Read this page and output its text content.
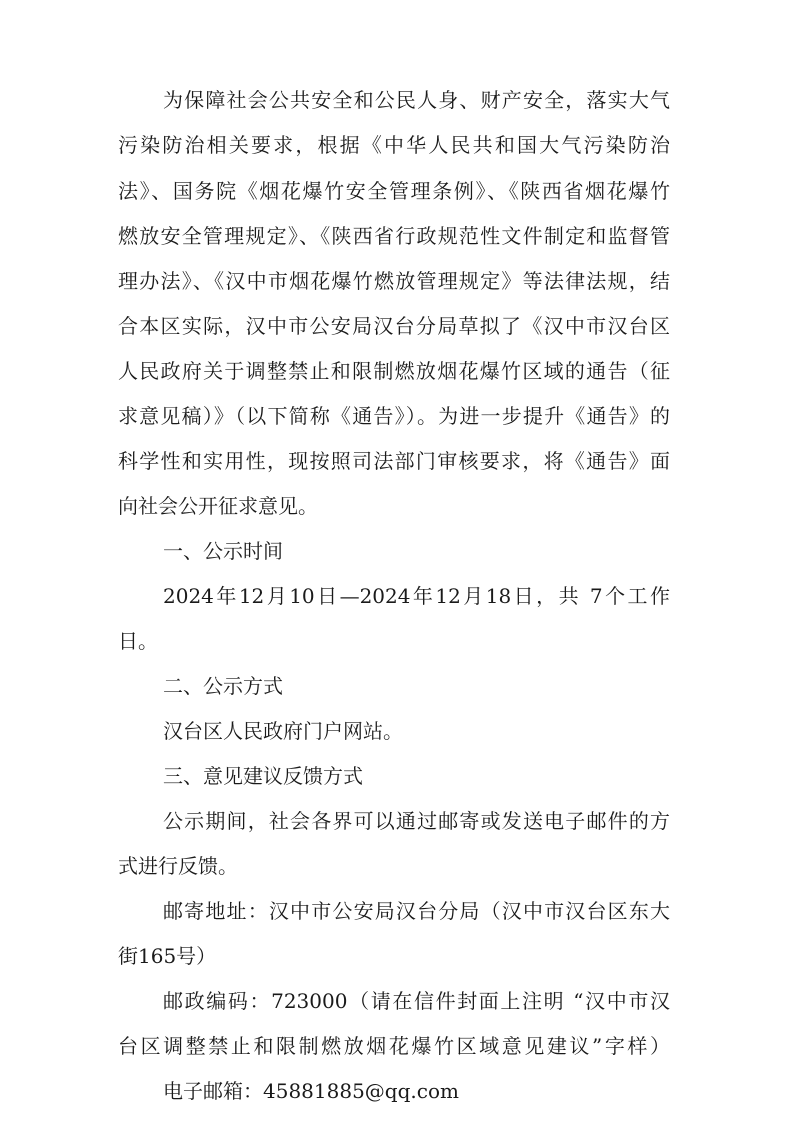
为保障社会公共安全和公民人身、财产安全，落实大气
污染防治相关要求，根据《中华人民共和国大气污染防治
法》、国务院《烟花爆竹安全管理条例》、《陕西省烟花爆竹
燃放安全管理规定》、《陕西省行政规范性文件制定和监督管
理办法》、《汉中市烟花爆竹燃放管理规定》等法律法规，结
合本区实际，汉中市公安局汉台分局草拟了《汉中市汉台区
人民政府关于调整禁止和限制燃放烟花爆竹区域的通告（征
求意见稿）》（以下简称《通告》）。为进一步提升《通告》的
科学性和实用性，现按照司法部门审核要求，将《通告》面
向社会公开征求意见。
一、公示时间
2024年12月10日—2024年12月18日，共 7个工作
日。
二、公示方式
汉台区人民政府门户网站。
三、意见建议反馈方式
公示期间，社会各界可以通过邮寄或发送电子邮件的方
式进行反馈。
邮寄地址：汉中市公安局汉台分局（汉中市汉台区东大
街165号）
邮政编码：723000（请在信件封面上注明 “汉中市汉
台区调整禁止和限制燃放烟花爆竹区域意见建议”字样）
电子邮箱：45881885@qq.com
